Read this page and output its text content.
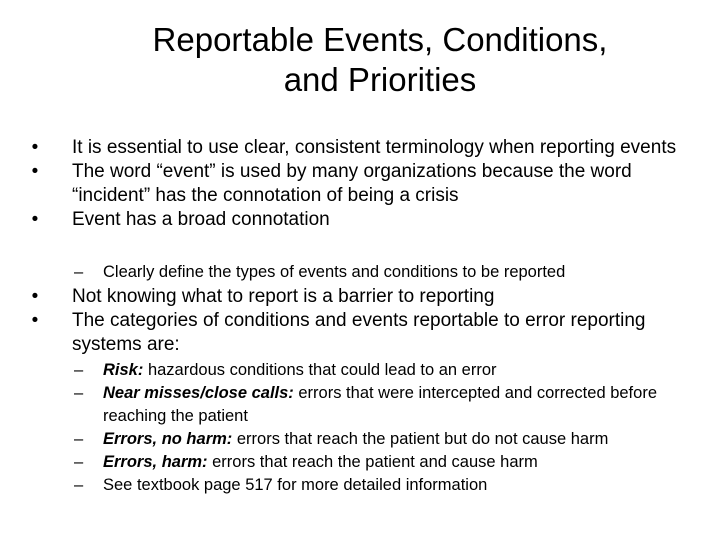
Reportable Events, Conditions,
and Priorities
• It is essential to use clear, consistent terminology when reporting events
• The word “event” is used by many organizations because the word “incident” has the connotation of being a crisis
• Event has a broad connotation
–	Clearly define the types of events and conditions to be reported
• Not knowing what to report is a barrier to reporting
• The categories of conditions and events reportable to error reporting systems are:
–	Risk: hazardous conditions that could lead to an error
–	Near misses/close calls: errors that were intercepted and corrected before reaching the patient
–	Errors, no harm: errors that reach the patient but do not cause harm
–	Errors, harm: errors that reach the patient and cause harm
–	See textbook page 517 for more detailed information
